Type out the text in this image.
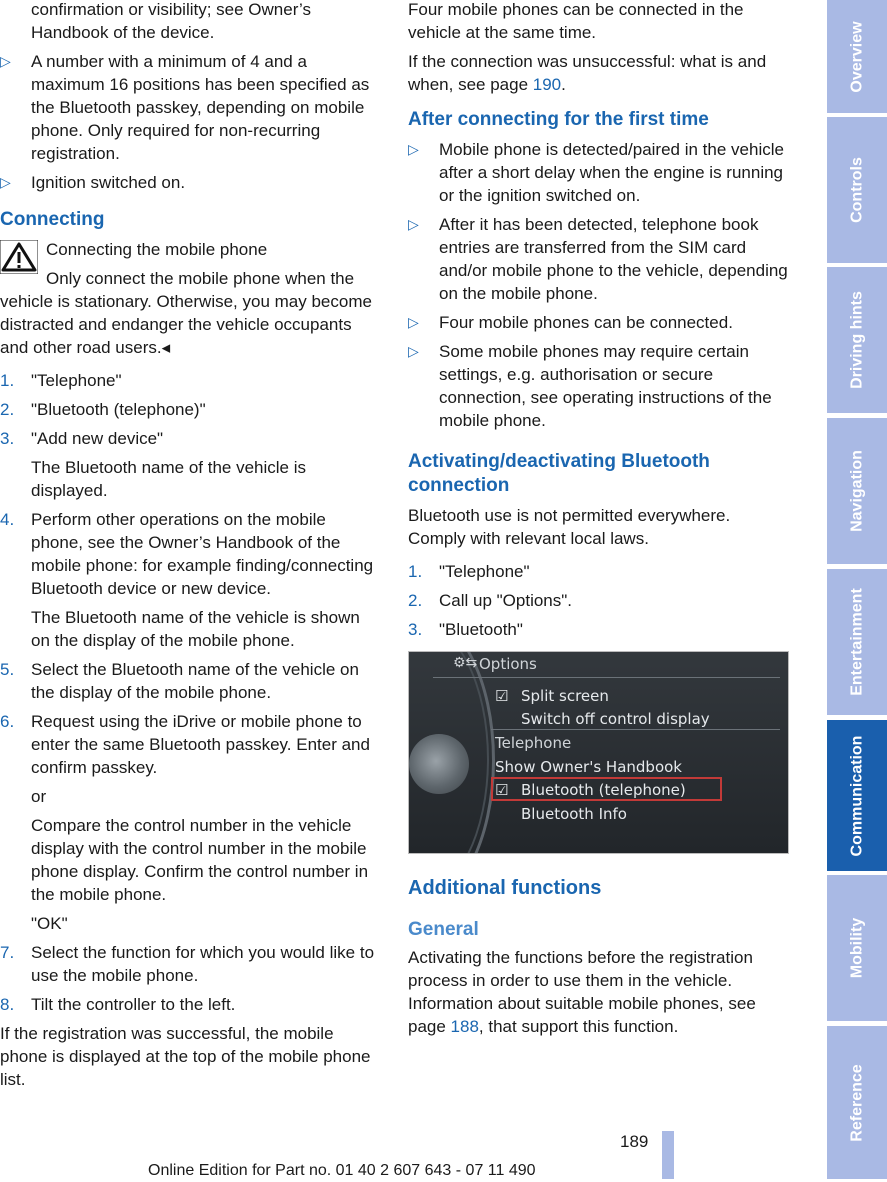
confirmation or visibility; see Owner’s Handbook of the device.
▷ A number with a minimum of 4 and a maximum 16 positions has been specified as the Bluetooth passkey, depending on mobile phone. Only required for non-recurring registration.
▷ Ignition switched on.
Connecting
Connecting the mobile phone
Only connect the mobile phone when the vehicle is stationary. Otherwise, you may become distracted and endanger the vehicle occupants and other road users.◂
1. "Telephone"
2. "Bluetooth (telephone)"
3. "Add new device"
The Bluetooth name of the vehicle is displayed.
4. Perform other operations on the mobile phone, see the Owner’s Handbook of the mobile phone: for example finding/connecting Bluetooth device or new device.
The Bluetooth name of the vehicle is shown on the display of the mobile phone.
5. Select the Bluetooth name of the vehicle on the display of the mobile phone.
6. Request using the iDrive or mobile phone to enter the same Bluetooth passkey. Enter and confirm passkey.
or
Compare the control number in the vehicle display with the control number in the mobile phone display. Confirm the control number in the mobile phone.
"OK"
7. Select the function for which you would like to use the mobile phone.
8. Tilt the controller to the left.

If the registration was successful, the mobile phone is displayed at the top of the mobile phone list.

Four mobile phones can be connected in the vehicle at the same time.

If the connection was unsuccessful: what is and when, see page 190.

After connecting for the first time
▷ Mobile phone is detected/paired in the vehicle after a short delay when the engine is running or the ignition switched on.
▷ After it has been detected, telephone book entries are transferred from the SIM card and/or mobile phone to the vehicle, depending on the mobile phone.
▷ Four mobile phones can be connected.
▷ Some mobile phones may require certain settings, e.g. authorisation or secure connection, see operating instructions of the mobile phone.
Activating/deactivating Bluetooth connection

Bluetooth use is not permitted everywhere. Comply with relevant local laws.

1. "Telephone"
2. Call up "Options".
3. "Bluetooth"
⚙⇆ Options
☑ Split screen
Switch off control display
Telephone
Show Owner's Handbook
☑ Bluetooth (telephone)
Bluetooth Info
Additional functions
General

Activating the functions before the registration process in order to use them in the vehicle. Information about suitable mobile phones, see page 188, that support this function.

Overview
Controls
Driving hints
Navigation
Entertainment
Communication
Mobility
Reference
189
Online Edition for Part no. 01 40 2 607 643 - 07 11 490
